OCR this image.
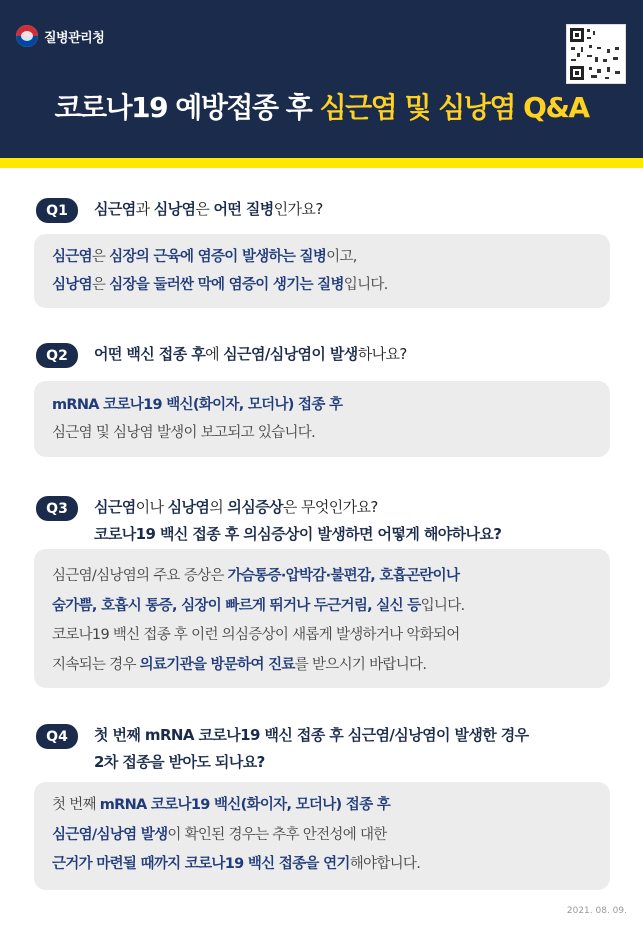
질병관리청
코로나19 예방접종 후 심근염 및 심낭염 Q&A
Q1	심근염과 심낭염은 어떤 질병인가요?
심근염은 심장의 근육에 염증이 발생하는 질병이고,
심낭염은 심장을 둘러싼 막에 염증이 생기는 질병입니다.
Q2	어떤 백신 접종 후에 심근염/심낭염이 발생하나요?
mRNA 코로나19 백신(화이자, 모더나) 접종 후
심근염 및 심낭염 발생이 보고되고 있습니다.
Q3	심근염이나 심낭염의 의심증상은 무엇인가요?
코로나19 백신 접종 후 의심증상이 발생하면 어떻게 해야하나요?
심근염/심낭염의 주요 증상은 가슴통증·압박감·불편감, 호흡곤란이나
숨가쁨, 호흡시 통증, 심장이 빠르게 뛰거나 두근거림, 실신 등입니다.
코로나19 백신 접종 후 이런 의심증상이 새롭게 발생하거나 악화되어
지속되는 경우 의료기관을 방문하여 진료를 받으시기 바랍니다.
Q4	첫 번째 mRNA 코로나19 백신 접종 후 심근염/심낭염이 발생한 경우
2차 접종을 받아도 되나요?
첫 번째 mRNA 코로나19 백신(화이자, 모더나) 접종 후
심근염/심낭염 발생이 확인된 경우는 추후 안전성에 대한
근거가 마련될 때까지 코로나19 백신 접종을 연기해야합니다.
2021. 08. 09.
